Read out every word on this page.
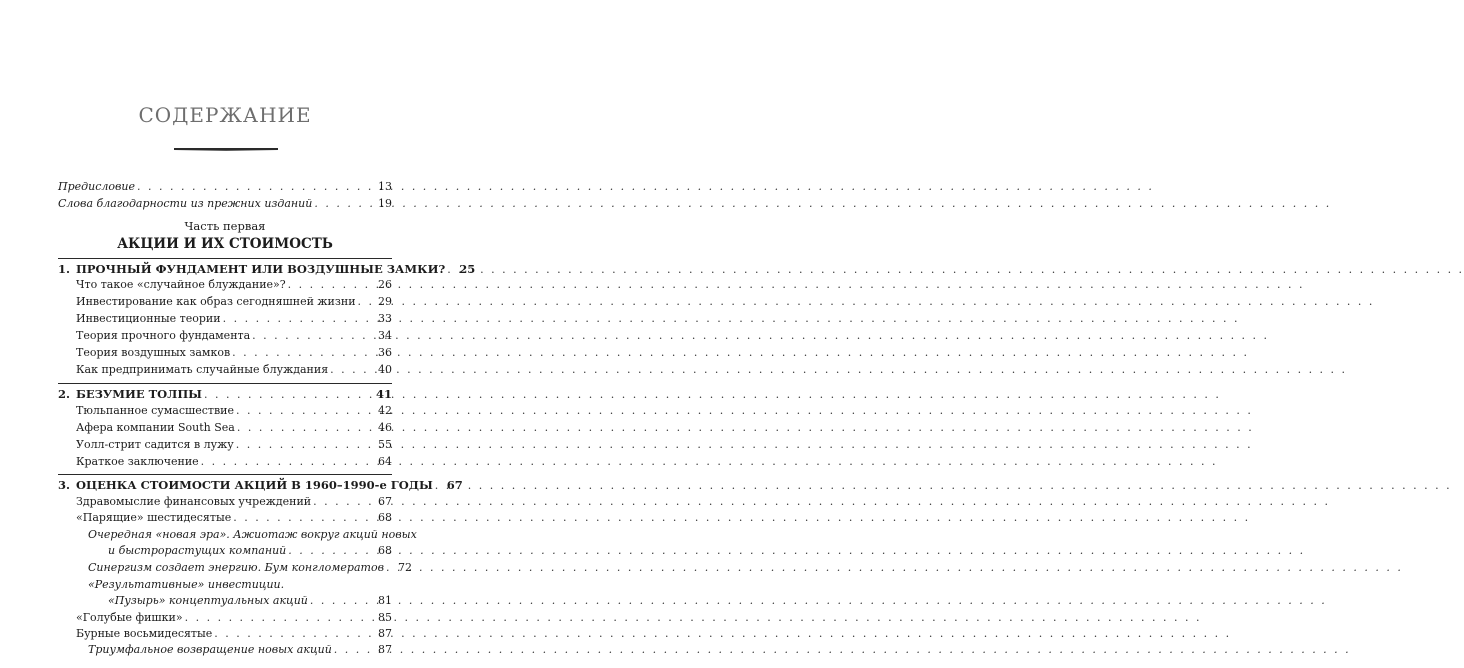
СОДЕРЖАНИЕ
Предисловие . . .	13
Слова благодарности из прежних изданий . . .	19
Часть первая
АКЦИИ И ИХ СТОИМОСТЬ
1. ПРОЧНЫЙ ФУНДАМЕНТ ИЛИ ВОЗДУШНЫЕ ЗАМКИ? . . . 25
Что такое «случайное блуждание»? . . .	26
Инвестирование как образ сегодняшней жизни . . . 29
Инвестиционные теории . . .	33
Теория прочного фундамента . . .	34
Теория воздушных замков . . .	36
Как предпринимать случайные блуждания . . .	40
2. БЕЗУМИЕ ТОЛПЫ . . .	41
Тюльпанное сумасшествие . . .	42
Афера компании South Sea . . .	46
Уолл-стрит садится в лужу . . .	55
Краткое заключение . . .	64
3. ОЦЕНКА СТОИМОСТИ АКЦИЙ В 1960–1990-е ГОДЫ . . . 67
Здравомыслие финансовых учреждений . . .	67
«Парящие» шестидесятые . . .	68
Очередная «новая эра». Ажиотаж вокруг акций новых
и быстрорастущих компаний . . .	68
Синергизм создает энергию. Бум конгломератов . . . 72
«Результативные» инвестиции.
«Пузырь» концептуальных акций . . .	81
«Голубые фишки» . . .	85
Бурные восьмидесятые . . .	87
Триумфальное возвращение новых акций . . .	87
